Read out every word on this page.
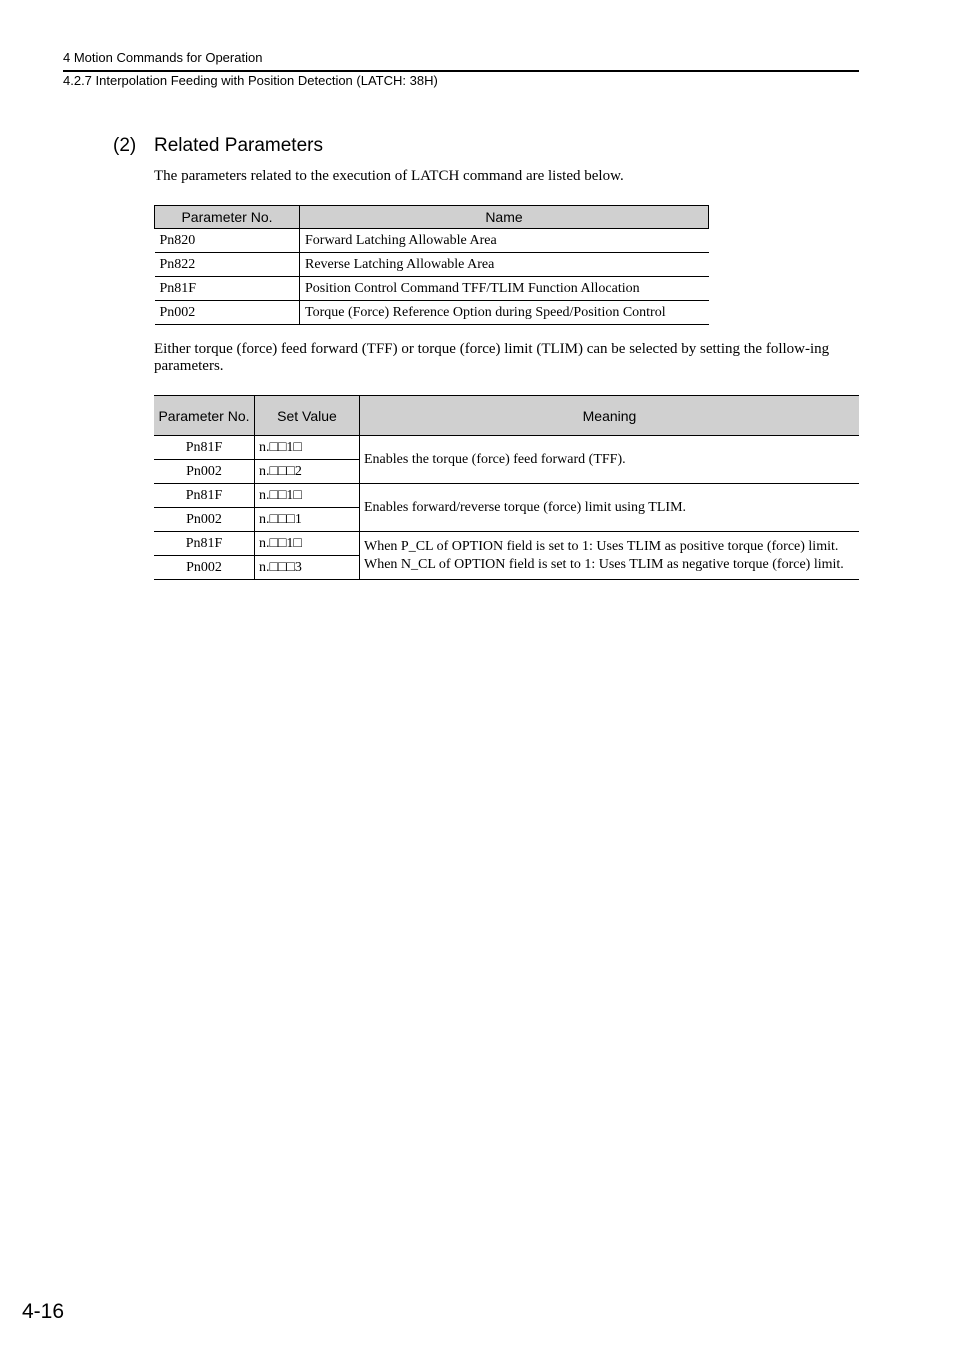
4 Motion Commands for Operation
4.2.7 Interpolation Feeding with Position Detection (LATCH: 38H)
(2) Related Parameters
The parameters related to the execution of LATCH command are listed below.
Parameter No.	Name
Pn820	Forward Latching Allowable Area
Pn822	Reverse Latching Allowable Area
Pn81F	Position Control Command TFF/TLIM Function Allocation
Pn002	Torque (Force) Reference Option during Speed/Position Control
Either torque (force) feed forward (TFF) or torque (force) limit (TLIM) can be selected by setting the follow-ing parameters.
Parameter No.	Set Value	Meaning
Pn81F	n.□□1□	Enables the torque (force) feed forward (TFF).

Pn002	n.□□□2	
Pn81F	n.□□1□	Enables forward/reverse torque (force) limit using TLIM.

Pn002	n.□□□1	
Pn81F	n.□□1□	When P_CL of OPTION field is set to 1: Uses TLIM as positive torque (force) limit.
When N_CL of OPTION field is set to 1: Uses TLIM as negative torque (force) limit.

Pn002	n.□□□3	
4-16
